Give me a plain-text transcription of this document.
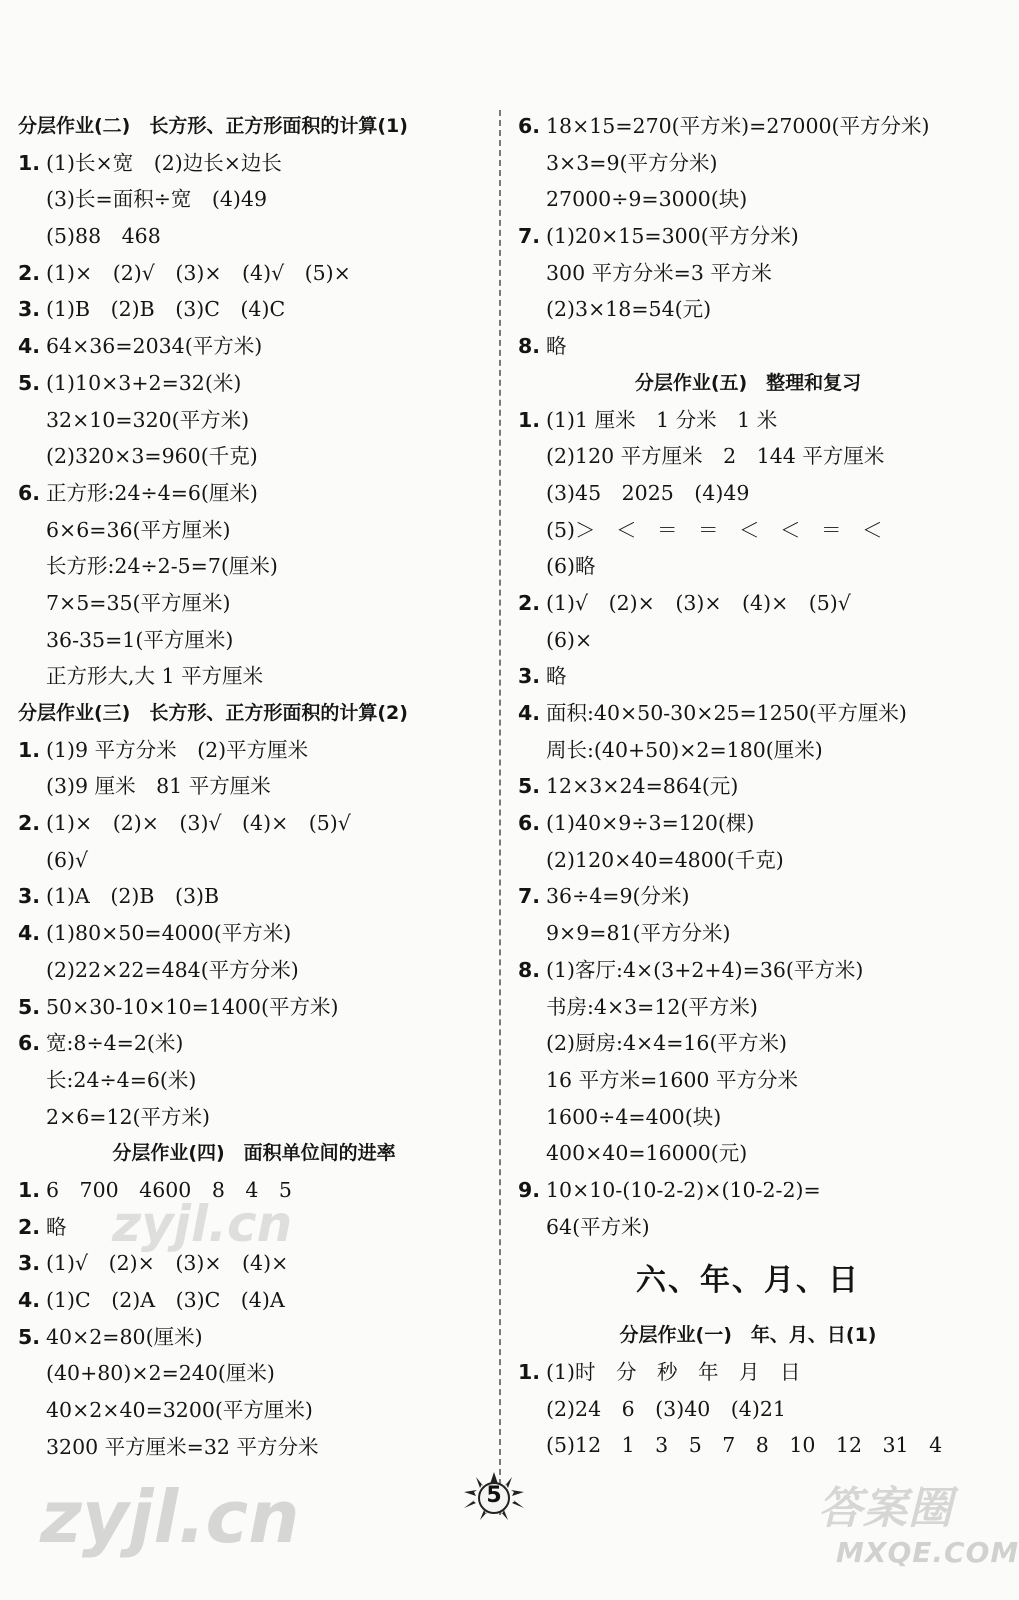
分层作业(二)　长方形、正方形面积的计算(1)
1. (1)长×宽　(2)边长×边长
(3)长=面积÷宽　(4)49
(5)88　468
2. (1)×　(2)√　(3)×　(4)√　(5)×
3. (1)B　(2)B　(3)C　(4)C
4. 64×36=2034(平方米)
5. (1)10×3+2=32(米)
32×10=320(平方米)
(2)320×3=960(千克)
6. 正方形:24÷4=6(厘米)
6×6=36(平方厘米)
长方形:24÷2-5=7(厘米)
7×5=35(平方厘米)
36-35=1(平方厘米)
正方形大,大 1 平方厘米
分层作业(三)　长方形、正方形面积的计算(2)
1. (1)9 平方分米　(2)平方厘米
(3)9 厘米　81 平方厘米
2. (1)×　(2)×　(3)√　(4)×　(5)√
(6)√
3. (1)A　(2)B　(3)B
4. (1)80×50=4000(平方米)
(2)22×22=484(平方分米)
5. 50×30-10×10=1400(平方米)
6. 宽:8÷4=2(米)
长:24÷4=6(米)
2×6=12(平方米)
分层作业(四)　面积单位间的进率
1. 6　700　4600　8　4　5
2. 略
3. (1)√　(2)×　(3)×　(4)×
4. (1)C　(2)A　(3)C　(4)A
5. 40×2=80(厘米)
(40+80)×2=240(厘米)
40×2×40=3200(平方厘米)
3200 平方厘米=32 平方分米
6. 18×15=270(平方米)=27000(平方分米)
3×3=9(平方分米)
27000÷9=3000(块)
7. (1)20×15=300(平方分米)
300 平方分米=3 平方米
(2)3×18=54(元)
8. 略
分层作业(五)　整理和复习
1. (1)1 厘米　1 分米　1 米
(2)120 平方厘米　2　144 平方厘米
(3)45　2025　(4)49
(5)＞　＜　＝　＝　＜　＜　＝　＜
(6)略
2. (1)√　(2)×　(3)×　(4)×　(5)√
(6)×
3. 略
4. 面积:40×50-30×25=1250(平方厘米)
周长:(40+50)×2=180(厘米)
5. 12×3×24=864(元)
6. (1)40×9÷3=120(棵)
(2)120×40=4800(千克)
7. 36÷4=9(分米)
9×9=81(平方分米)
8. (1)客厅:4×(3+2+4)=36(平方米)
书房:4×3=12(平方米)
(2)厨房:4×4=16(平方米)
16 平方米=1600 平方分米
1600÷4=400(块)
400×40=16000(元)
9. 10×10-(10-2-2)×(10-2-2)=
64(平方米)
六、年、月、日
分层作业(一)　年、月、日(1)
1. (1)时　分　秒　年　月　日
(2)24　6　(3)40　(4)21
(5)12　1　3　5　7　8　10　12　31　4
5
zyjl.cn
zyjl.cn	答案圈
MXQE.COM
